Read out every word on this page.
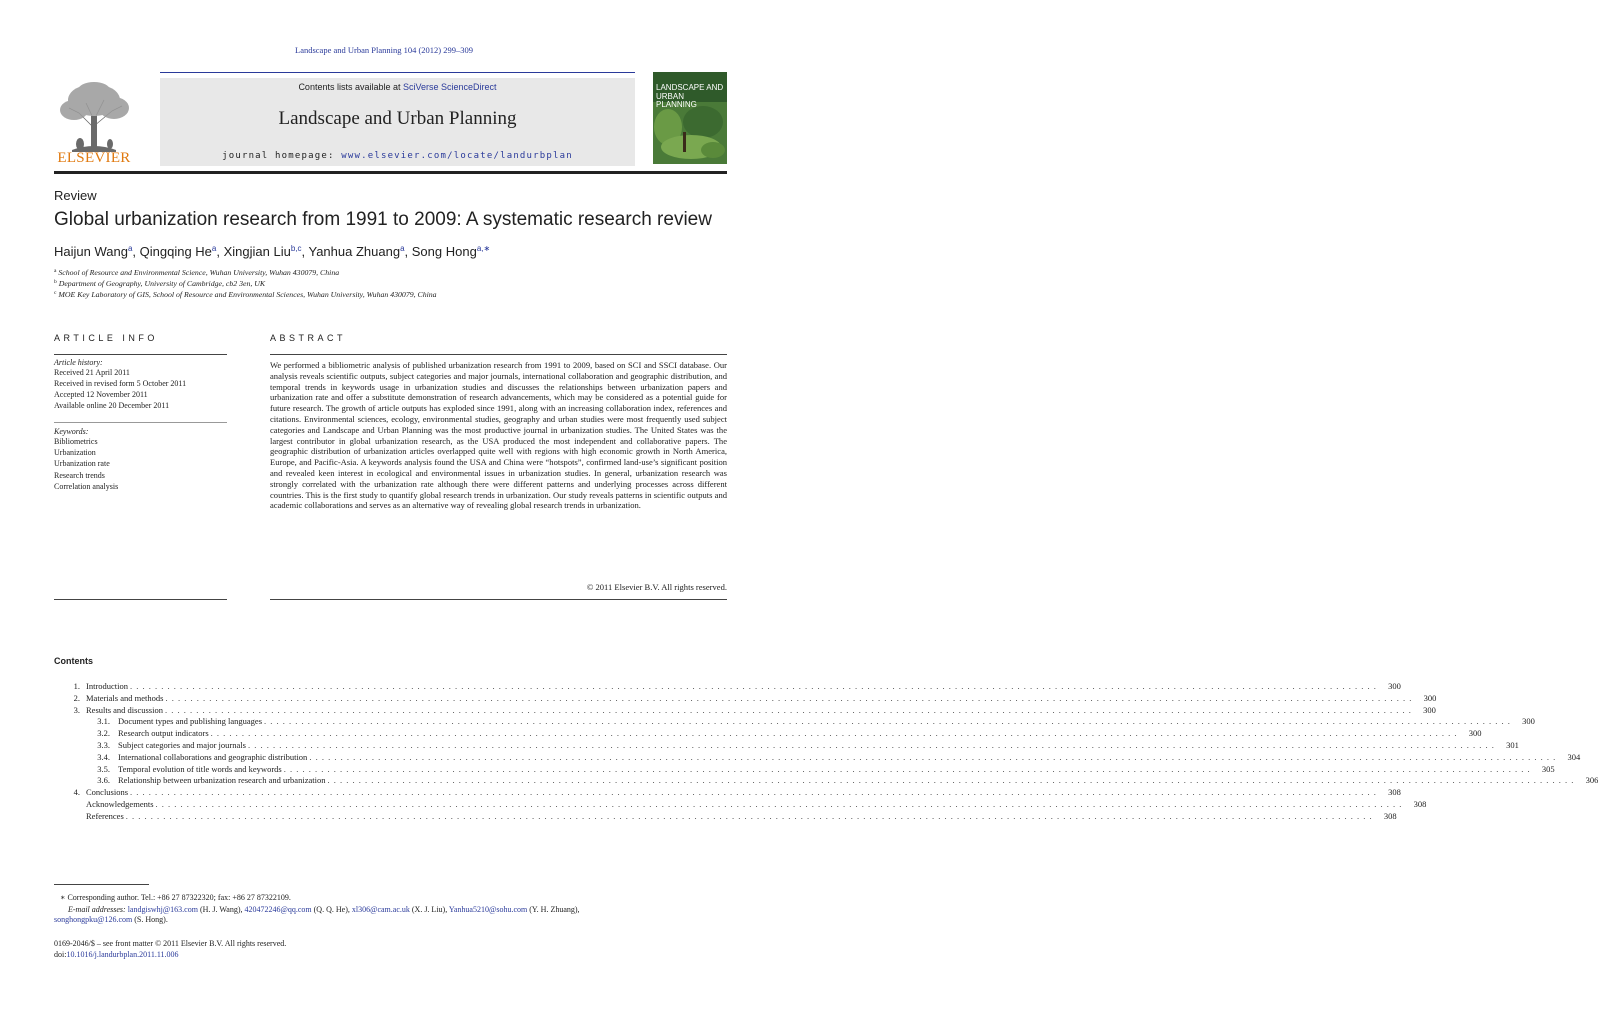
Landscape and Urban Planning 104 (2012) 299–309
Contents lists available at SciVerse ScienceDirect
Landscape and Urban Planning
journal homepage: www.elsevier.com/locate/landurbplan
ELSEVIER
LANDSCAPE AND
URBAN PLANNING
Review
Global urbanization research from 1991 to 2009: A systematic research review
Haijun Wang$^a$, Qingqing He$^a$, Xingjian Liu$^{b,c}$, Yanhua Zhuang$^a$, Song Hong$^{a,∗}$
$^a$ School of Resource and Environmental Science, Wuhan University, Wuhan 430079, China
$^b$ Department of Geography, University of Cambridge, cb2 3en, UK
$^c$ MOE Key Laboratory of GIS, School of Resource and Environmental Sciences, Wuhan University, Wuhan 430079, China
ARTICLE INFO
Article history:
Received 21 April 2011
Received in revised form 5 October 2011
Accepted 12 November 2011
Available online 20 December 2011
Keywords:
Bibliometrics
Urbanization
Urbanization rate
Research trends
Correlation analysis
ABSTRACT

We performed a bibliometric analysis of published urbanization research from 1991 to 2009, based on SCI and SSCI database. Our analysis reveals scientific outputs, subject categories and major journals, international collaboration and geographic distribution, and temporal trends in keywords usage in urbanization studies and discusses the relationships between urbanization papers and urbanization rate and offer a substitute demonstration of research advancements, which may be considered as a potential guide for future research. The growth of article outputs has exploded since 1991, along with an increasing collaboration index, references and citations. Environmental sciences, ecology, environmental studies, geography and urban studies were most frequently used subject categories and Landscape and Urban Planning was the most productive journal in urbanization studies. The United States was the largest contributor in global urbanization research, as the USA produced the most independent and collaborative papers. The geographic distribution of urbanization articles overlapped quite well with regions with high economic growth in North America, Europe, and Pacific-Asia. A keywords analysis found the USA and China were “hotspots”, confirmed land-use’s significant position and revealed keen interest in ecological and environmental issues in urbanization studies. In general, urbanization research was strongly correlated with the urbanization rate although there were different patterns and underlying processes across different countries. This is the first study to quantify global research trends in urbanization. Our study reveals patterns in scientific outputs and academic collaborations and serves as an alternative way of revealing global research trends in urbanization.

© 2011 Elsevier B.V. All rights reserved.
Contents
1. Introduction . . . . . . . . . . . . . . . . . . . . . . . . . . . . . . . . . . . . . . . . . . . . . . . . . . . . . . . . . . . . . . . . . . . . . . . . . . . . . . . . . . . . . . . . . . . . . . . . . . . . . . . . . . . . . . . . . . . . . . . . . . . . . . . . . . . . . . . . . . . . . . . . . . . . . . . . . . . . . . . . . . . . . . . . . . . . . . . . . . . . . . . . . . . . . . . . . . . . . . . .	300
2. Materials and methods . . . . . . . . . . . . . . . . . . . . . . . . . . . . . . . . . . . . . . . . . . . . . . . . . . . . . . . . . . . . . . . . . . . . . . . . . . . . . . . . . . . . . . . . . . . . . . . . . . . . . . . . . . . . . . . . . . . . . . . . . . . . . . . . . . . . . . . . . . . . . . . . . . . . . . . . . . . . . . . . . . . . . . . . . . . . . . . . . . . . . . . . . . . . . . . . . . . . . . . .	300
3. Results and discussion . . . . . . . . . . . . . . . . . . . . . . . . . . . . . . . . . . . . . . . . . . . . . . . . . . . . . . . . . . . . . . . . . . . . . . . . . . . . . . . . . . . . . . . . . . . . . . . . . . . . . . . . . . . . . . . . . . . . . . . . . . . . . . . . . . . . . . . . . . . . . . . . . . . . . . . . . . . . . . . . . . . . . . . . . . . . . . . . . . . . . . . . . . . . . . . . . . . . . . . .	300
3.1. Document types and publishing languages . . . . . . . . . . . . . . . . . . . . . . . . . . . . . . . . . . . . . . . . . . . . . . . . . . . . . . . . . . . . . . . . . . . . . . . . . . . . . . . . . . . . . . . . . . . . . . . . . . . . . . . . . . . . . . . . . . . . . . . . . . . . . . . . . . . . . . . . . . . . . . . . . . . . . . . . . . . . . . . . . . . . . . . . . . . . . . . . . . . . . . . . . . . . . . . . . . . . . . . .	300
3.2. Research output indicators . . . . . . . . . . . . . . . . . . . . . . . . . . . . . . . . . . . . . . . . . . . . . . . . . . . . . . . . . . . . . . . . . . . . . . . . . . . . . . . . . . . . . . . . . . . . . . . . . . . . . . . . . . . . . . . . . . . . . . . . . . . . . . . . . . . . . . . . . . . . . . . . . . . . . . . . . . . . . . . . . . . . . . . . . . . . . . . . . . . . . . . . . . . . . . . . . . . . . . . .	300
3.3. Subject categories and major journals . . . . . . . . . . . . . . . . . . . . . . . . . . . . . . . . . . . . . . . . . . . . . . . . . . . . . . . . . . . . . . . . . . . . . . . . . . . . . . . . . . . . . . . . . . . . . . . . . . . . . . . . . . . . . . . . . . . . . . . . . . . . . . . . . . . . . . . . . . . . . . . . . . . . . . . . . . . . . . . . . . . . . . . . . . . . . . . . . . . . . . . . . . . . . . . . . . . . . . . .	301
3.4. International collaborations and geographic distribution . . . . . . . . . . . . . . . . . . . . . . . . . . . . . . . . . . . . . . . . . . . . . . . . . . . . . . . . . . . . . . . . . . . . . . . . . . . . . . . . . . . . . . . . . . . . . . . . . . . . . . . . . . . . . . . . . . . . . . . . . . . . . . . . . . . . . . . . . . . . . . . . . . . . . . . . . . . . . . . . . . . . . . . . . . . . . . . . . . . . . . . . . . . . . . . . . . . . . . . .	304
3.5. Temporal evolution of title words and keywords . . . . . . . . . . . . . . . . . . . . . . . . . . . . . . . . . . . . . . . . . . . . . . . . . . . . . . . . . . . . . . . . . . . . . . . . . . . . . . . . . . . . . . . . . . . . . . . . . . . . . . . . . . . . . . . . . . . . . . . . . . . . . . . . . . . . . . . . . . . . . . . . . . . . . . . . . . . . . . . . . . . . . . . . . . . . . . . . . . . . . . . . . . . . . . . . . . . . . . . .	305
3.6. Relationship between urbanization research and urbanization . . . . . . . . . . . . . . . . . . . . . . . . . . . . . . . . . . . . . . . . . . . . . . . . . . . . . . . . . . . . . . . . . . . . . . . . . . . . . . . . . . . . . . . . . . . . . . . . . . . . . . . . . . . . . . . . . . . . . . . . . . . . . . . . . . . . . . . . . . . . . . . . . . . . . . . . . . . . . . . . . . . . . . . . . . . . . . . . . . . . . . . . . . . . . . . . . . . . . . . .	306
4. Conclusions . . . . . . . . . . . . . . . . . . . . . . . . . . . . . . . . . . . . . . . . . . . . . . . . . . . . . . . . . . . . . . . . . . . . . . . . . . . . . . . . . . . . . . . . . . . . . . . . . . . . . . . . . . . . . . . . . . . . . . . . . . . . . . . . . . . . . . . . . . . . . . . . . . . . . . . . . . . . . . . . . . . . . . . . . . . . . . . . . . . . . . . . . . . . . . . . . . . . . . . .	308
Acknowledgements . . . . . . . . . . . . . . . . . . . . . . . . . . . . . . . . . . . . . . . . . . . . . . . . . . . . . . . . . . . . . . . . . . . . . . . . . . . . . . . . . . . . . . . . . . . . . . . . . . . . . . . . . . . . . . . . . . . . . . . . . . . . . . . . . . . . . . . . . . . . . . . . . . . . . . . . . . . . . . . . . . . . . . . . . . . . . . . . . . . . . . . . . . . . . . . . . . . . . . . .	308
References . . . . . . . . . . . . . . . . . . . . . . . . . . . . . . . . . . . . . . . . . . . . . . . . . . . . . . . . . . . . . . . . . . . . . . . . . . . . . . . . . . . . . . . . . . . . . . . . . . . . . . . . . . . . . . . . . . . . . . . . . . . . . . . . . . . . . . . . . . . . . . . . . . . . . . . . . . . . . . . . . . . . . . . . . . . . . . . . . . . . . . . . . . . . . . . . . . . . . . . .	308
∗ Corresponding author. Tel.: +86 27 87322320; fax: +86 27 87322109.
E-mail addresses: landgiswhj@163.com (H. J. Wang), 420472246@qq.com (Q. Q. He), xl306@cam.ac.uk (X. J. Liu), Yanhua5210@sohu.com (Y. H. Zhuang),
songhongpku@126.com (S. Hong).
0169-2046/$ – see front matter © 2011 Elsevier B.V. All rights reserved.
doi:10.1016/j.landurbplan.2011.11.006
